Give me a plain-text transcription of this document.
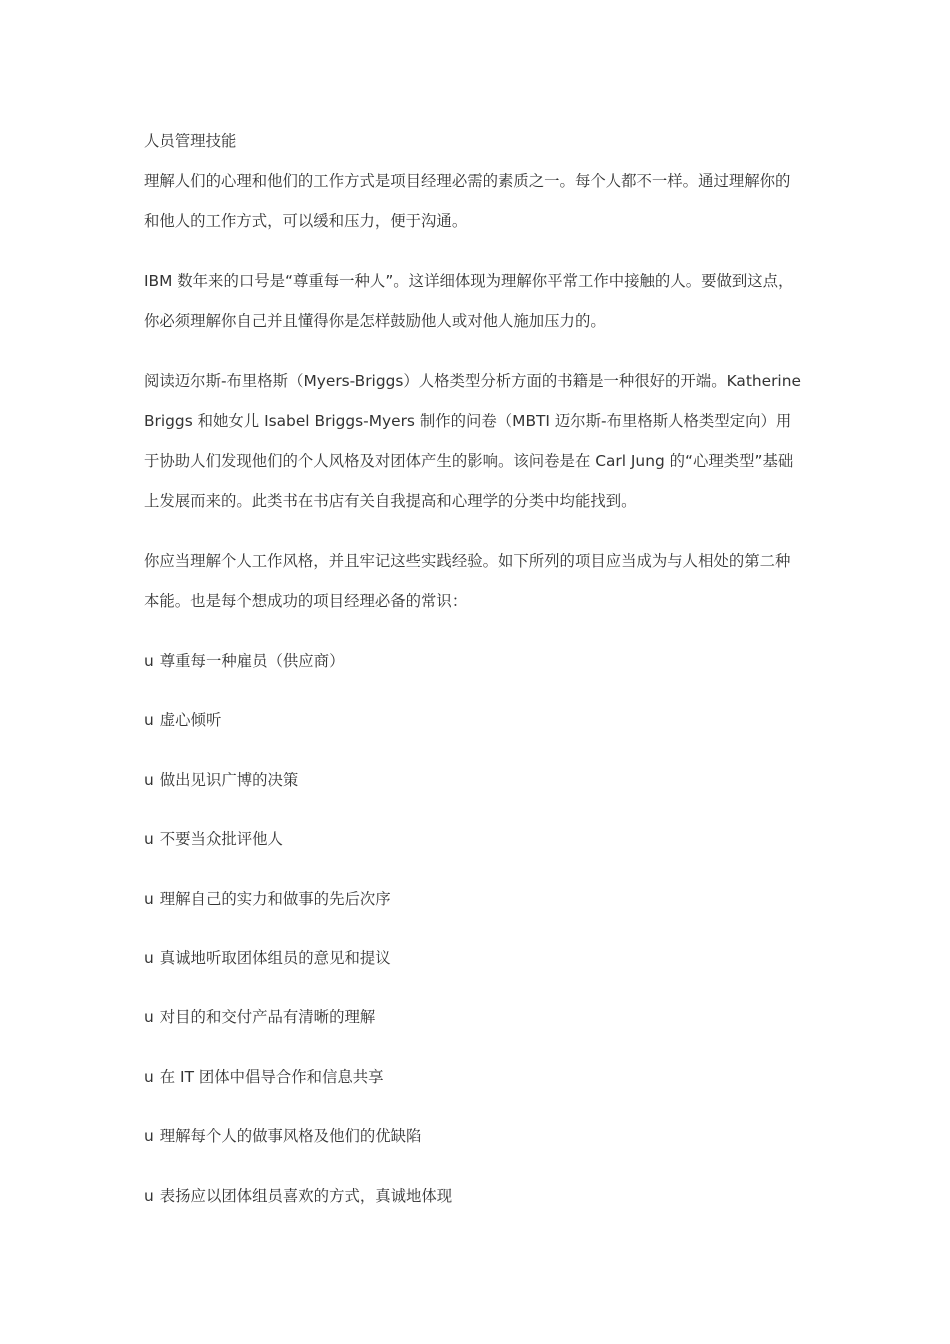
人员管理技能

理解人们的心理和他们的工作方式是项目经理必需的素质之一。每个人都不一样。通过理解你的和他人的工作方式，可以缓和压力，便于沟通。

IBM 数年来的口号是“尊重每一种人”。这详细体现为理解你平常工作中接触的人。要做到这点，你必须理解你自己并且懂得你是怎样鼓励他人或对他人施加压力的。

阅读迈尔斯-布里格斯（Myers-Briggs）人格类型分析方面的书籍是一种很好的开端。Katherine Briggs 和她女儿 Isabel Briggs-Myers 制作的问卷（MBTI 迈尔斯-布里格斯人格类型定向）用于协助人们发现他们的个人风格及对团体产生的影响。该问卷是在 Carl Jung 的“心理类型”基础上发展而来的。此类书在书店有关自我提高和心理学的分类中均能找到。

你应当理解个人工作风格，并且牢记这些实践经验。如下所列的项目应当成为与人相处的第二种本能。也是每个想成功的项目经理必备的常识：

u 尊重每一种雇员（供应商）
u 虚心倾听
u 做出见识广博的决策
u 不要当众批评他人
u 理解自己的实力和做事的先后次序
u 真诚地听取团体组员的意见和提议
u 对目的和交付产品有清晰的理解
u 在 IT 团体中倡导合作和信息共享
u 理解每个人的做事风格及他们的优缺陷
u 表扬应以团体组员喜欢的方式，真诚地体现
